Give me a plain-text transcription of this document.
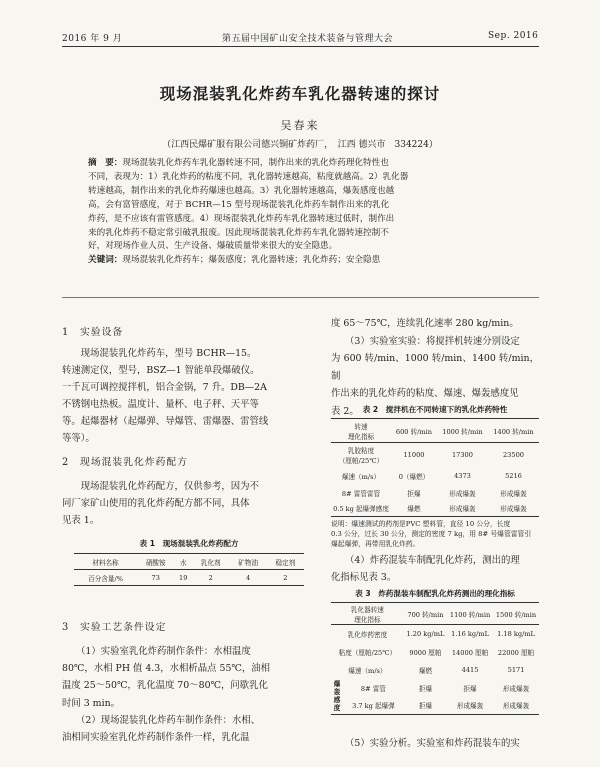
2016 年 9 月	第五届中国矿山安全技术装备与管理大会	Sep. 2016
现场混装乳化炸药车乳化器转速的探讨
吴春来
（江西民爆矿服有限公司德兴铜矿炸药厂，　江西 德兴市　334224）
摘　要：现场混装乳化炸药车乳化器转速不同，制作出来的乳化炸药理化特性也
不同，表现为：1）乳化炸药的粘度不同，乳化器转速越高，粘度就越高。2）乳化器
转速越高，制作出来的乳化炸药爆速也越高。3）乳化器转速越高，爆轰感度也越
高，会有富管感度，对于 BCHR—15 型号现场混装乳化炸药车制作出来的乳化
炸药，是不应该有雷管感度。4）现场混装乳化炸药车乳化器转速过低时，制作出
来的乳化炸药不稳定常引破乳报废。因此现场混装乳化炸药车乳化器转速控制不
好，对现场作业人员、生产设备、爆破质量带来很大的安全隐患。
关键词：现场混装乳化炸药车；爆轰感度；乳化器转速；乳化炸药；安全隐患
1　实验设备
　　现场混装乳化炸药车，型号 BCHR—15。
转速测定仪，型号，BSZ—1 智能单段爆破仪。
一千瓦可调控搅拌机，铝合金锅，7 升。DB—2A
不锈钢电热板。温度计、量杯、电子秤、天平等
等。起爆器材（起爆弹、导爆管、雷爆器、雷管线
等等）。
2　现场混装乳化炸药配方
　　现场混装乳化炸药配方，仅供参考，因为不
同厂家矿山使用的乳化炸药配方都不同，具体
见表 1。
表 1　现场混装乳化炸药配方
材料名称	硝酸铵	水	乳化剂	矿物油	稳定剂
百分含量/%	73	19	2	4	2
3　实验工艺条件设定
　　（1）实验室乳化炸药制作条件：水相温度
80℃，水相 PH 值 4.3，水相析晶点 55℃，油相
温度 25～50℃，乳化温度 70～80℃，问歇乳化
时间 3 min。
　　（2）现场混装乳化炸药车制作条件：水相、
油相同实验室乳化炸药制作条件一样，乳化温
度 65～75℃，连续乳化速率 280 kg/min。
　　（3）实验室实验：将搅拌机转速分别设定
为 600 转/min、1000 转/min、1400 转/min，制
作出来的乳化炸药的粘度、爆速、爆轰感度见
表 2。 表 2　搅拌机在不同转速下的乳化炸药特性
转速
理化指标	600 转/min	1000 转/min	1400 转/min
乳胶粘度
（厘帕/25℃）	11000	17300	23500
爆速（m/s）	0（爆燃）	4373	5216
8# 雷管雷管	拒爆	形成爆轰	形成爆轰
0.5 kg 起爆弹感度	爆燃	形成爆轰	形成爆轰
说明：爆速测试的药剂是PVC 塑料管，直径 10 公分，长度
0.3 公分，过长 30 公分，测定的密度 7 kg，用 8# 号爆管雷管引
爆起爆弹，再带用乳化炸药。
　　（4）炸药混装车制配乳化炸药，测出的理
化指标见表 3。
表 3　炸药混装车制配乳化炸药测出的理化指标
乳化器转速
理化指标		700 转/min	1100 转/min	1500 转/min
乳化炸药密度		1.20 kg/mL	1.16 kg/mL	1.18 kg/mL
粘度（厘帕/25℃）		9000 厘帕	14000 厘帕	22000 厘帕
爆速（m/s）		爆燃	4415	5171
爆
轰
感
度	8# 雷管	拒爆	拒爆	形成爆轰
	3.7 kg 起爆弹	拒爆	形成爆轰	形成爆轰
　　（5）实验分析。实验室和炸药混装车的实
